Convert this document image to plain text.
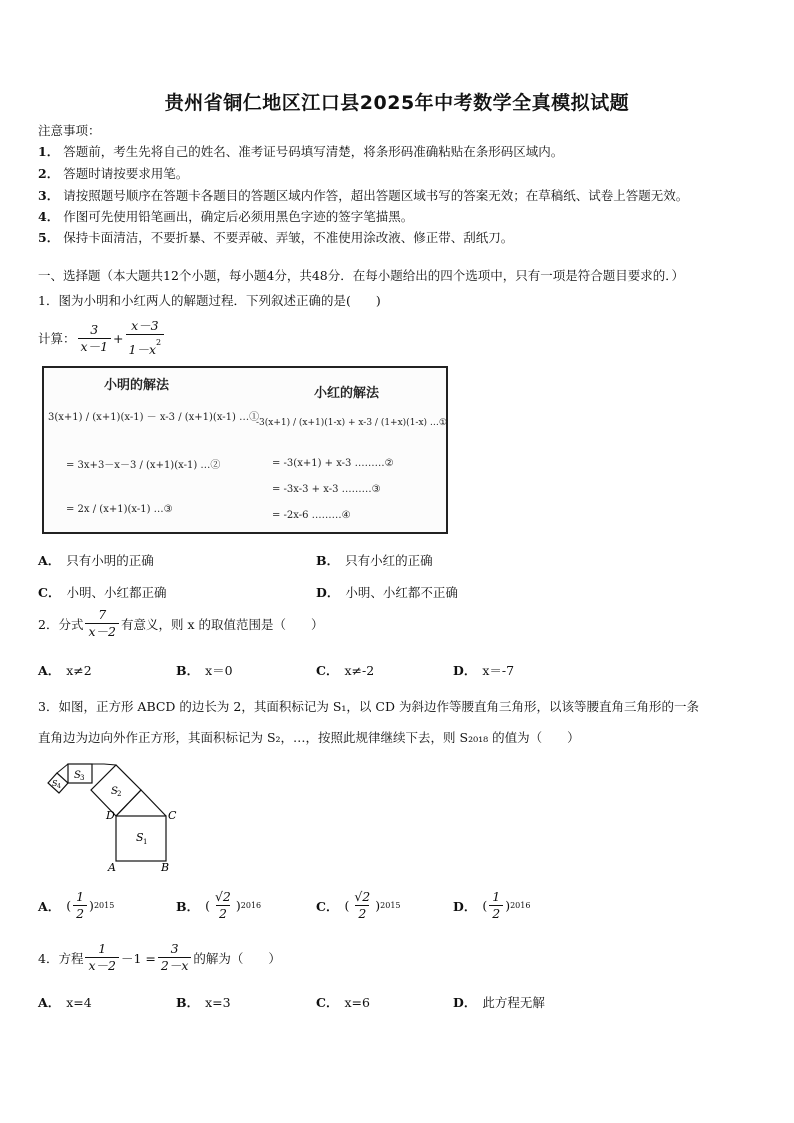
贵州省铜仁地区江口县2025年中考数学全真模拟试题
注意事项：
1． 答题前，考生先将自己的姓名、准考证号码填写清楚，将条形码准确粘贴在条形码区域内。
2． 答题时请按要求用笔。
3． 请按照题号顺序在答题卡各题目的答题区域内作答，超出答题区域书写的答案无效；在草稿纸、试卷上答题无效。
4． 作图可先使用铅笔画出，确定后必须用黑色字迹的签字笔描黑。
5． 保持卡面清洁，不要折暴、不要弄破、弄皱，不准使用涂改液、修正带、刮纸刀。
一、选择题（本大题共12个小题，每小题4分，共48分．在每小题给出的四个选项中，只有一项是符合题目要求的．）
1．图为小明和小红两人的解题过程．下列叙述正确的是(　　)
计算： $\frac{3}{x-1} + \frac{x-3}{1-x^2}$
小明的解法
3(x+1) / (x+1)(x-1) － x-3 / (x+1)(x-1) …①
= 3x+3－x－3 / (x+1)(x-1) …②
= 2x / (x+1)(x-1) …③
小红的解法
-3(x+1) / (x+1)(1-x) + x-3 / (1+x)(1-x) …①
= -3(x+1) + x-3 ………②
= -3x-3 + x-3 ………③
= -2x-6 ………④
A． 只有小明的正确	B． 只有小红的正确
C． 小明、小红都正确	D． 小明、小红都不正确
2．分式 $\frac{7}{x-2}$ 有意义，则 x 的取值范围是（　　）
A． x≠2	B． x＝0	C． x≠-2	D． x＝-7
3．如图，正方形 ABCD 的边长为 2，其面积标记为 S₁，以 CD 为斜边作等腰直角三角形，以该等腰直角三角形的一条
直角边为边向外作正方形，其面积标记为 S₂，…，按照此规律继续下去，则 S₂₀₁₈ 的值为（　　）
D	C
A	B
S 1
S 2
S 3
S 4
A． ( $\frac{1}{2}$ ) 2015	B． ( $\frac{√2}{2}$ ) 2016	C． ( $\frac{√2}{2}$ ) 2015	D． ( $\frac{1}{2}$ ) 2016
4．方程 $\frac{1}{x-2} -1 = \frac{3}{2-x}$ 的解为（　　）
A． x=4	B． x=3	C． x=6	D． 此方程无解
